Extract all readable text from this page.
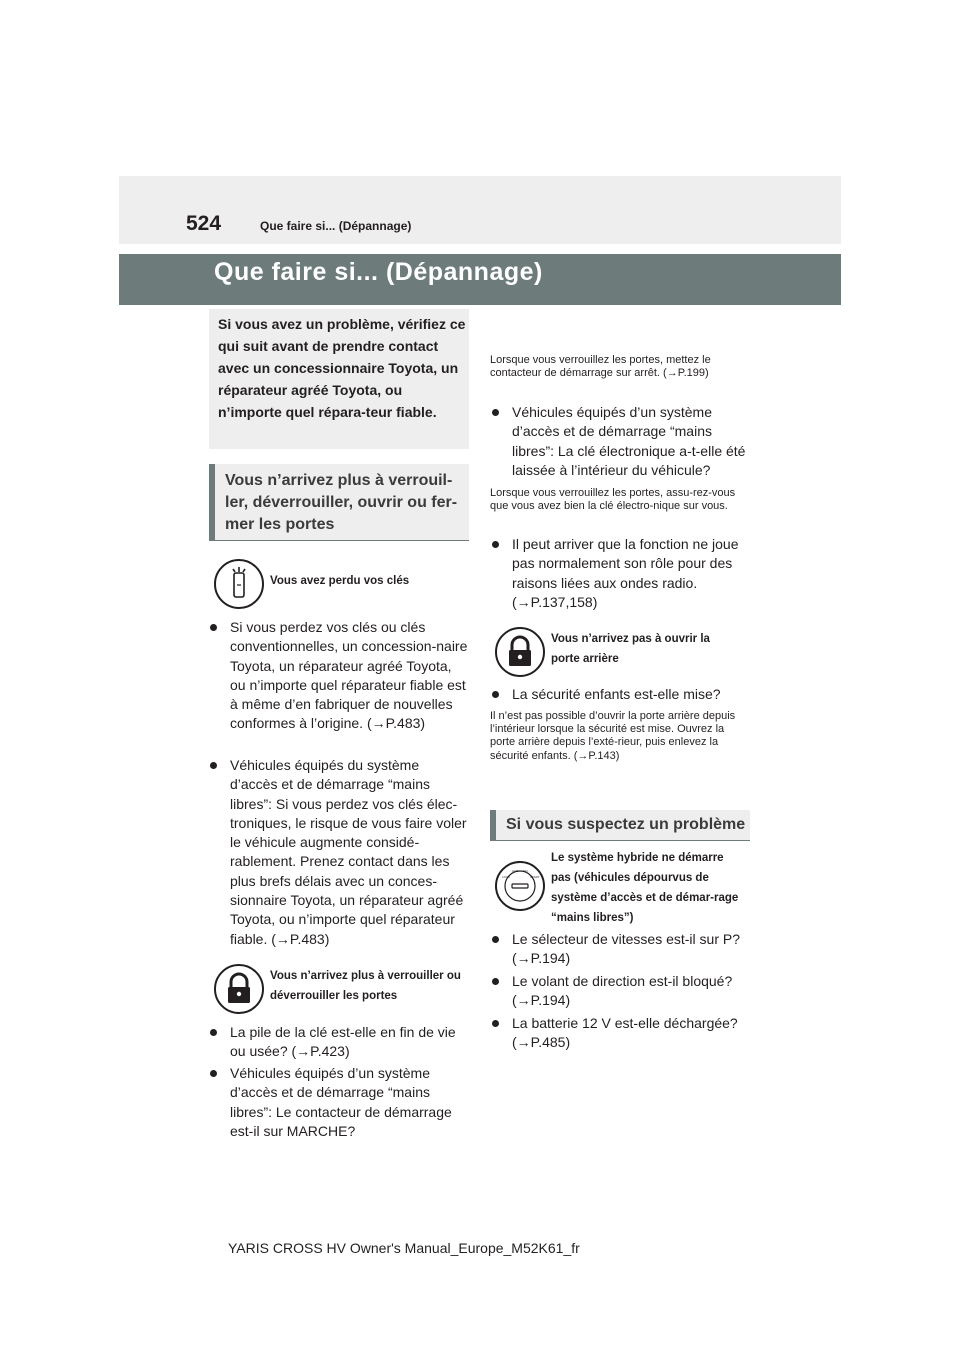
524	Que faire si... (Dépannage)
Que faire si... (Dépannage)
Si vous avez un problème, vérifiez ce qui suit avant de prendre contact avec un concessionnaire Toyota, un réparateur agréé Toyota, ou n’importe quel répara-teur fiable.
Vous n’arrivez plus à verrouil-ler, déverrouiller, ouvrir ou fer-mer les portes
Vous avez perdu vos clés
Si vous perdez vos clés ou clés conventionnelles, un concession-naire Toyota, un réparateur agréé Toyota, ou n’importe quel réparateur fiable est à même d’en fabriquer de nouvelles conformes à l’origine. (→P.483)
Véhicules équipés du système d’accès et de démarrage “mains libres”: Si vous perdez vos clés élec-troniques, le risque de vous faire voler le véhicule augmente considé-rablement. Prenez contact dans les plus brefs délais avec un conces-sionnaire Toyota, un réparateur agréé Toyota, ou n’importe quel réparateur fiable. (→P.483)
Vous n’arrivez plus à verrouiller ou déverrouiller les portes
La pile de la clé est-elle en fin de vie ou usée? (→P.423)
Véhicules équipés d’un système d’accès et de démarrage “mains libres”: Le contacteur de démarrage est-il sur MARCHE?
Lorsque vous verrouillez les portes, mettez le contacteur de démarrage sur arrêt. (→P.199)
Véhicules équipés d’un système d’accès et de démarrage “mains libres”: La clé électronique a-t-elle été laissée à l’intérieur du véhicule?
Lorsque vous verrouillez les portes, assu-rez-vous que vous avez bien la clé électro-nique sur vous.
Il peut arriver que la fonction ne joue pas normalement son rôle pour des raisons liées aux ondes radio. (→P.137,158)
Vous n’arrivez pas à ouvrir la porte arrière
La sécurité enfants est-elle mise?
Il n’est pas possible d’ouvrir la porte arrière depuis l’intérieur lorsque la sécurité est mise. Ouvrez la porte arrière depuis l’exté-rieur, puis enlevez la sécurité enfants. (→P.143)
Si vous suspectez un problème
LOCK
ACC ON
START
Le système hybride ne démarre pas (véhicules dépourvus de système d’accès et de démar-rage “mains libres”)
Le sélecteur de vitesses est-il sur P? (→P.194)
Le volant de direction est-il bloqué? (→P.194)
La batterie 12 V est-elle déchargée? (→P.485)
YARIS CROSS HV Owner's Manual_Europe_M52K61_fr
